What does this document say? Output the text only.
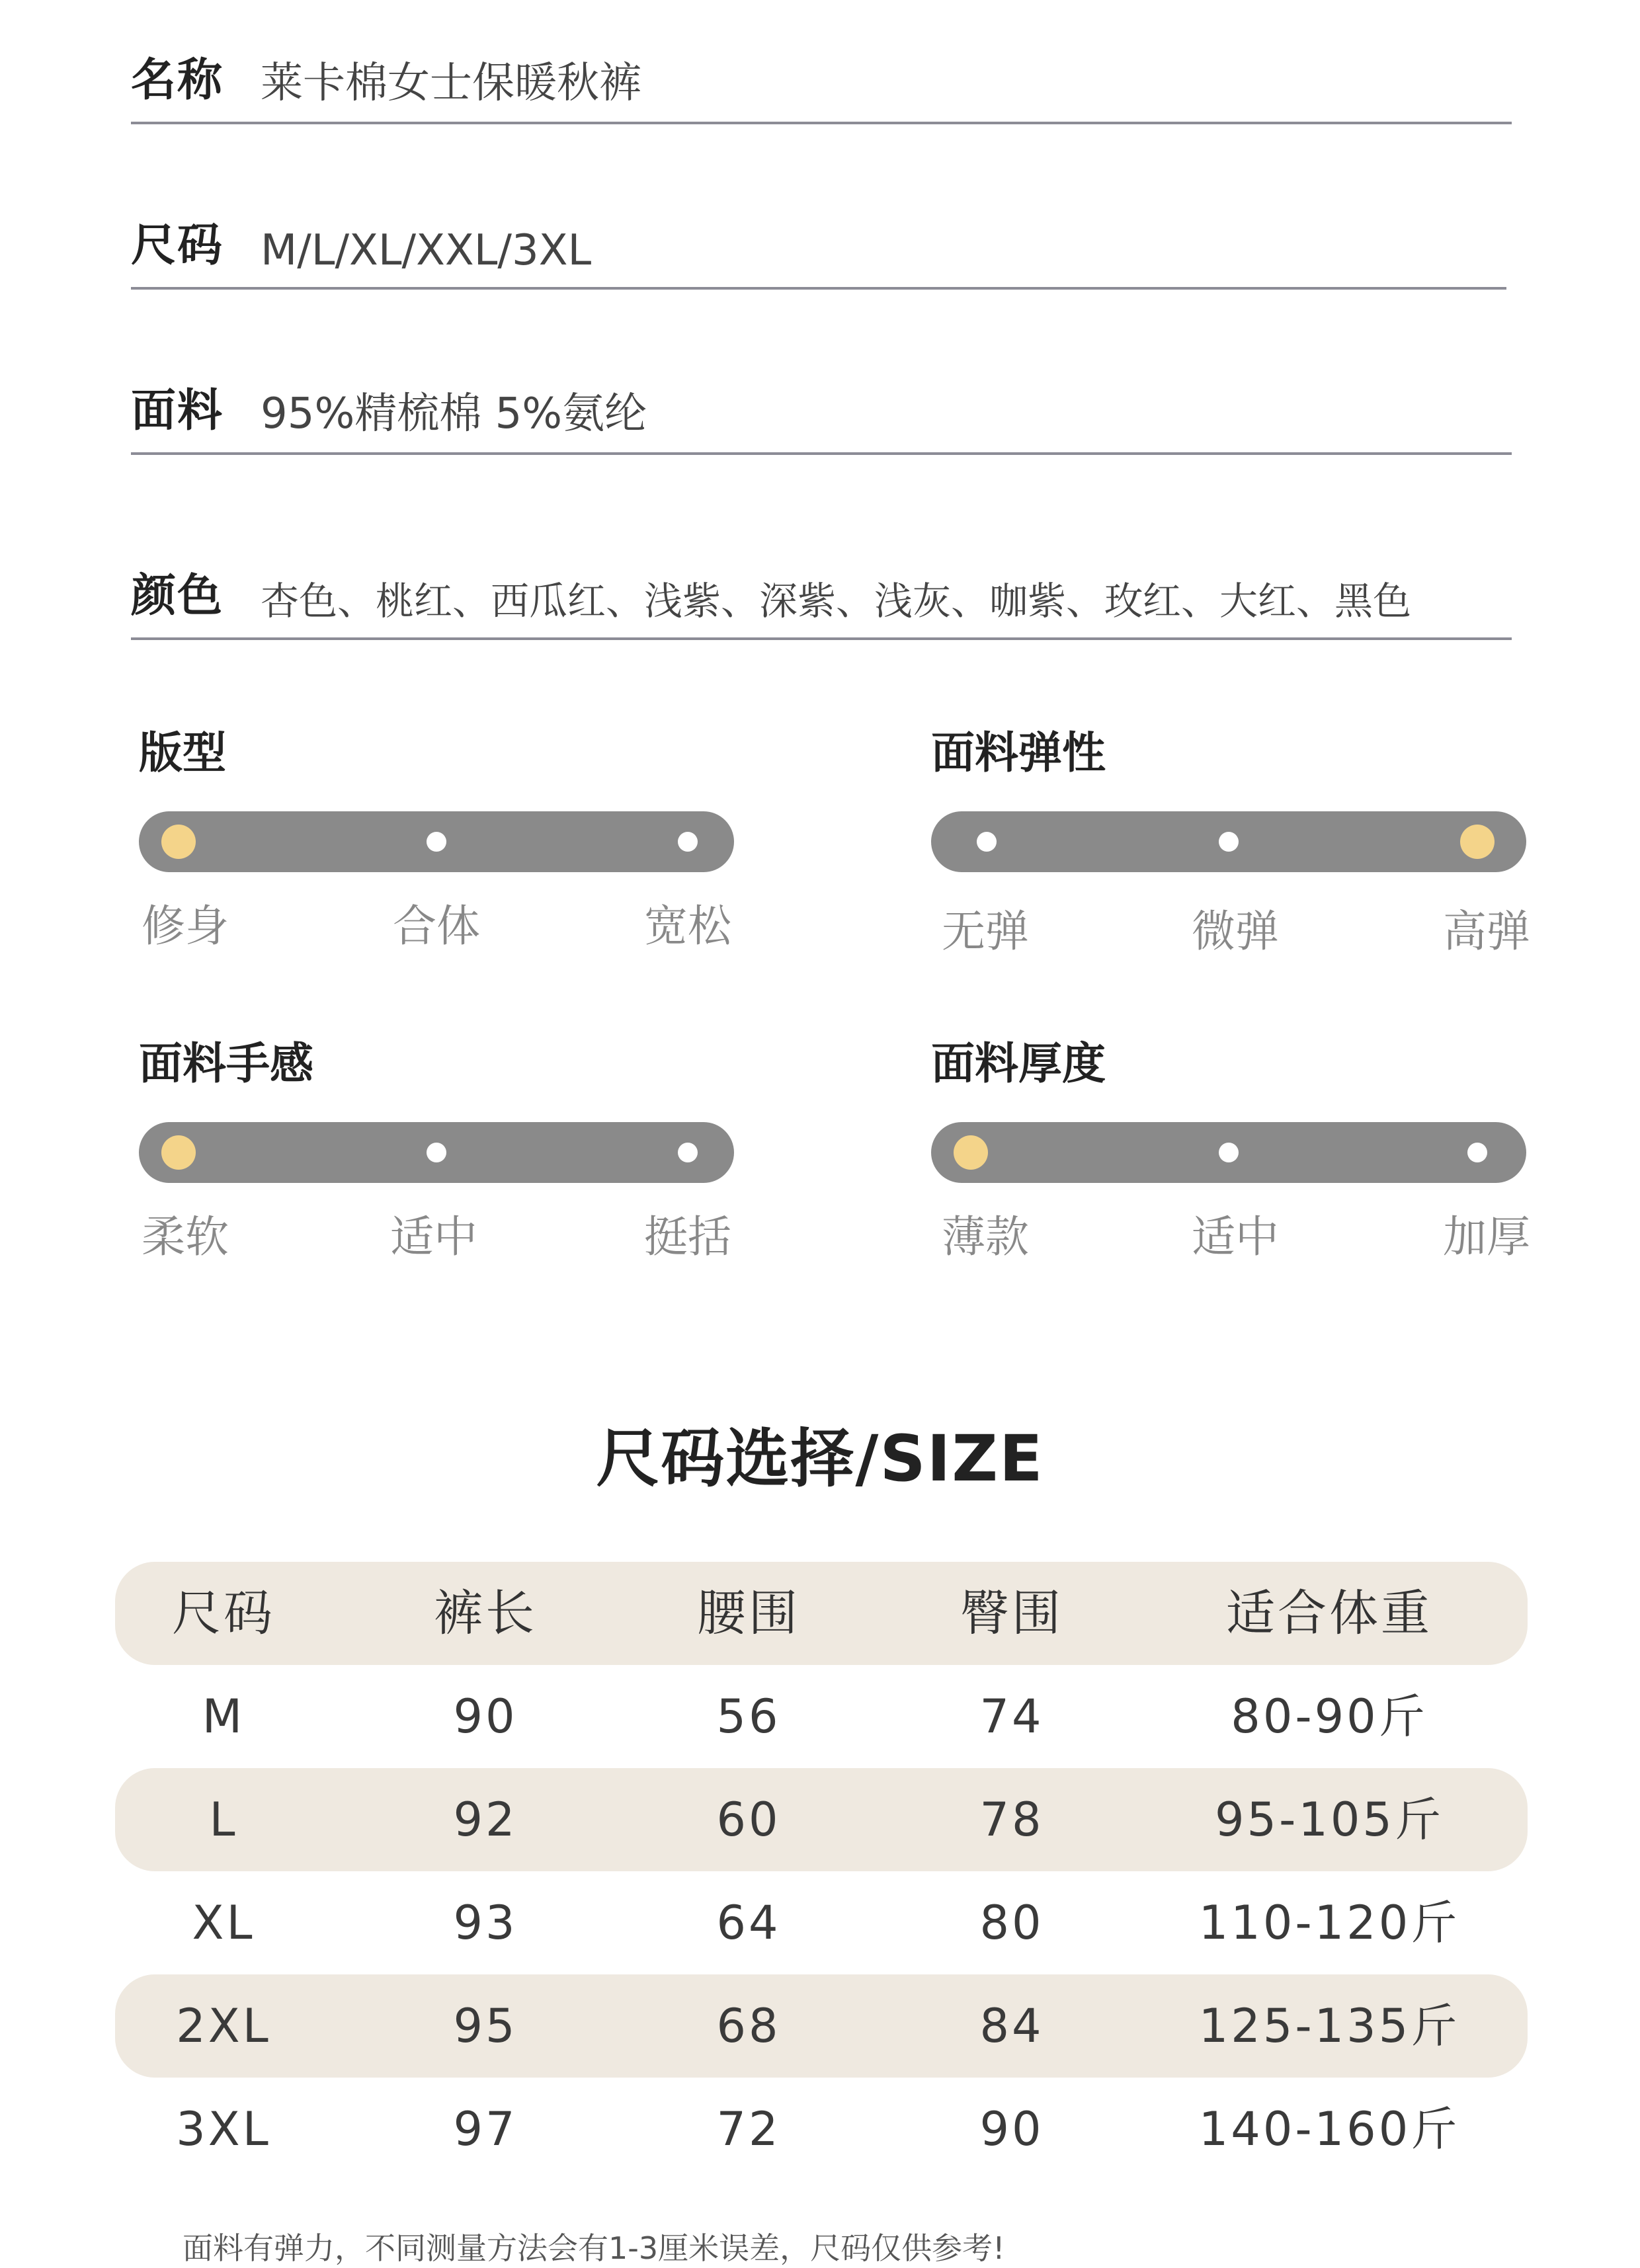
名称 莱卡棉女士保暖秋裤
尺码 M/L/XL/XXL/3XL
面料 95%精梳棉 5%氨纶
颜色 杏色、桃红、西瓜红、浅紫、深紫、浅灰、咖紫、玫红、大红、黑色
版型
修身	合体	宽松
面料弹性
无弹	微弹	高弹
面料手感
柔软	适中	挺括
面料厚度
薄款	适中	加厚
尺码选择/SIZE
尺码	裤长	腰围	臀围	适合体重
M	90	56	74	80-90斤
L	92	60	78	95-105斤
XL	93	64	80	110-120斤
2XL	95	68	84	125-135斤
3XL	97	72	90	140-160斤
面料有弹力，不同测量方法会有1-3厘米误差，尺码仅供参考!
